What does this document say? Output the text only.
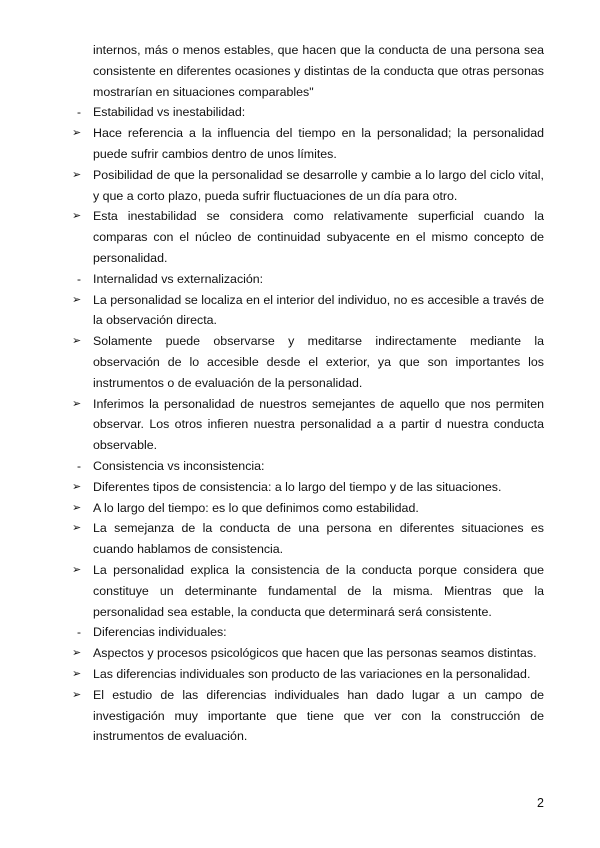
internos, más o menos estables, que hacen que la conducta de una persona sea consistente en diferentes ocasiones y distintas de la conducta que otras personas mostrarían en situaciones comparables"
- Estabilidad vs inestabilidad:
➢ Hace referencia a la influencia del tiempo en la personalidad; la personalidad puede sufrir cambios dentro de unos límites.
➢ Posibilidad de que la personalidad se desarrolle y cambie a lo largo del ciclo vital, y que a corto plazo, pueda sufrir fluctuaciones de un día para otro.
➢ Esta inestabilidad se considera como relativamente superficial cuando la comparas con el núcleo de continuidad subyacente en el mismo concepto de personalidad.
- Internalidad vs externalización:
➢ La personalidad se localiza en el interior del individuo, no es accesible a través de la observación directa.
➢ Solamente puede observarse y meditarse indirectamente mediante la observación de lo accesible desde el exterior, ya que son importantes los instrumentos o de evaluación de la personalidad.
➢ Inferimos la personalidad de nuestros semejantes de aquello que nos permiten observar. Los otros infieren nuestra personalidad a a partir d nuestra conducta observable.
- Consistencia vs inconsistencia:
➢ Diferentes tipos de consistencia: a lo largo del tiempo y de las situaciones.
➢ A lo largo del tiempo: es lo que definimos como estabilidad.
➢ La semejanza de la conducta de una persona en diferentes situaciones es cuando hablamos de consistencia.
➢ La personalidad explica la consistencia de la conducta porque considera que constituye un determinante fundamental de la misma. Mientras que la personalidad sea estable, la conducta que determinará será consistente.
- Diferencias individuales:
➢ Aspectos y procesos psicológicos que hacen que las personas seamos distintas.
➢ Las diferencias individuales son producto de las variaciones en la personalidad.
➢ El estudio de las diferencias individuales han dado lugar a un campo de investigación muy importante que tiene que ver con la construcción de instrumentos de evaluación.
2
